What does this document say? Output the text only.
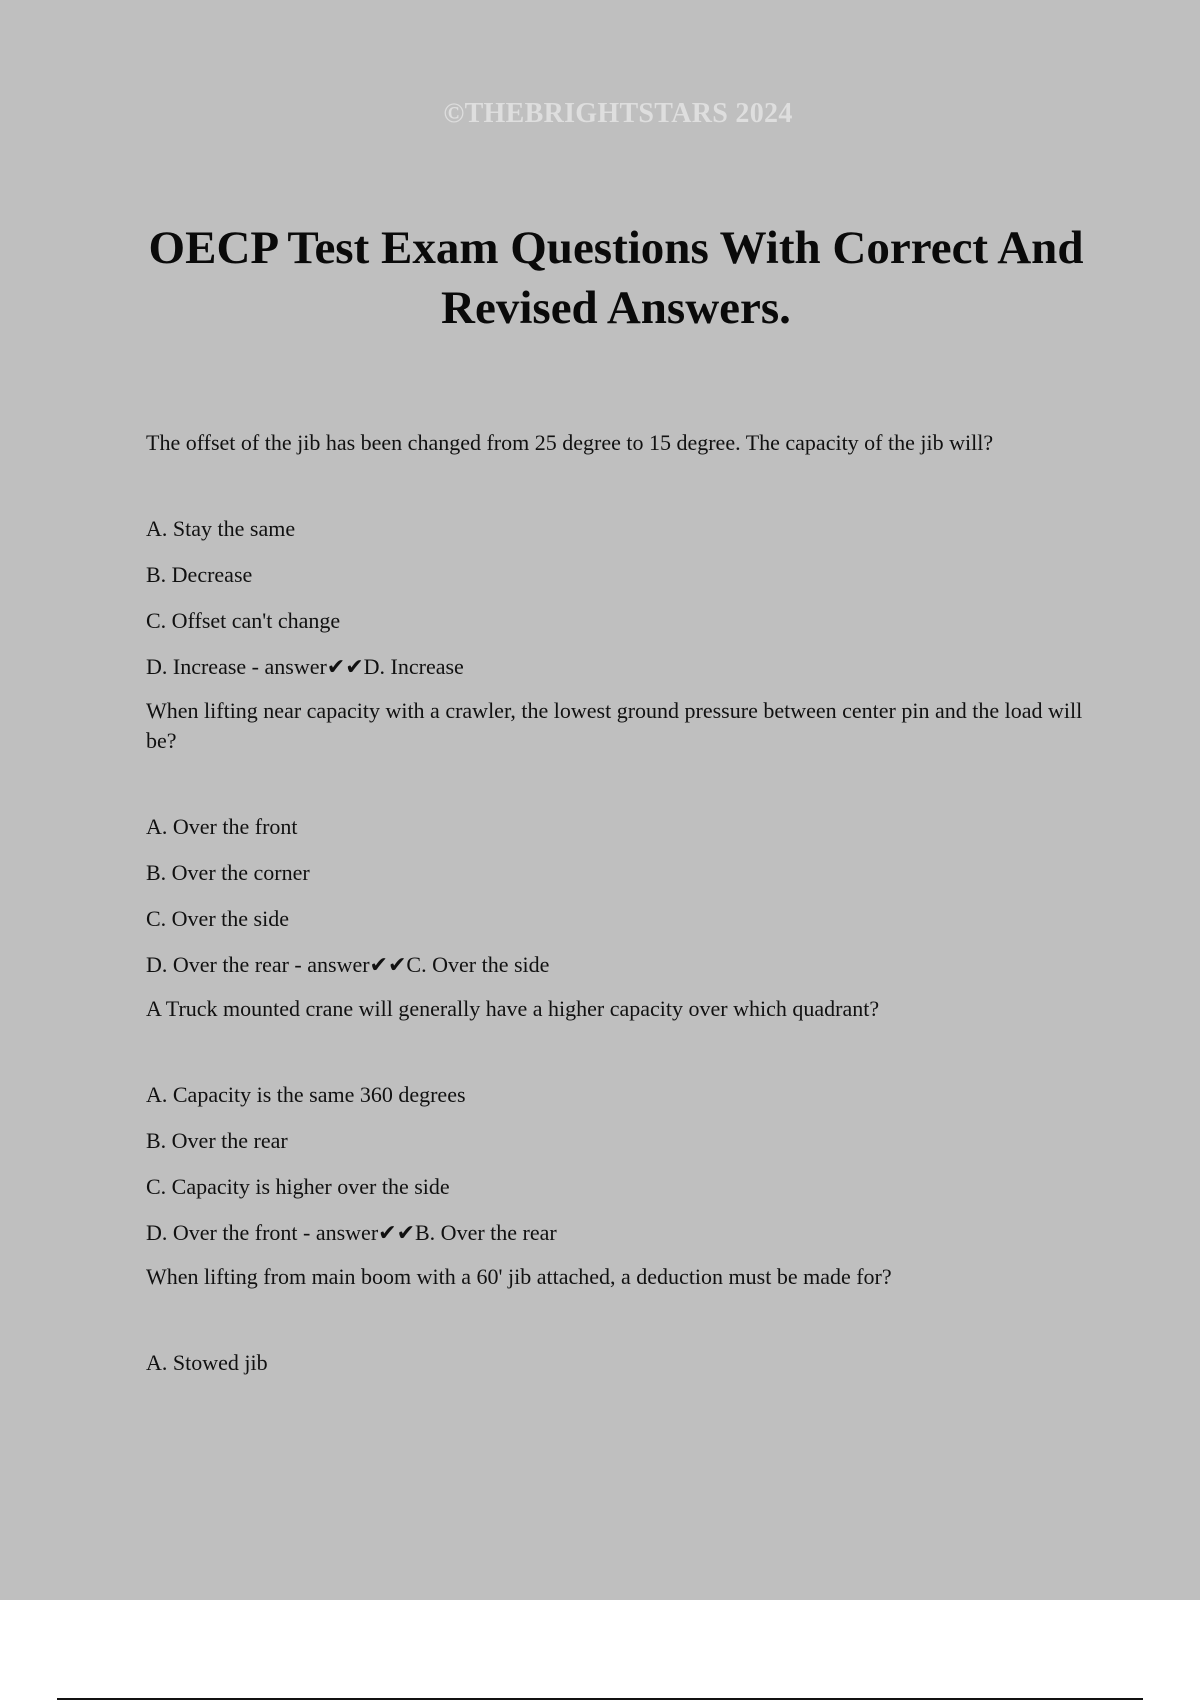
©THEBRIGHTSTARS 2024
OECP Test Exam Questions With Correct And Revised Answers.

The offset of the jib has been changed from 25 degree to 15 degree. The capacity of the jib will?

A. Stay the same

B. Decrease

C. Offset can't change

D. Increase - answer✔✔D. Increase

When lifting near capacity with a crawler, the lowest ground pressure between center pin and the load will be?

A. Over the front

B. Over the corner

C. Over the side

D. Over the rear - answer✔✔C. Over the side

A Truck mounted crane will generally have a higher capacity over which quadrant?

A. Capacity is the same 360 degrees

B. Over the rear

C. Capacity is higher over the side

D. Over the front - answer✔✔B. Over the rear

When lifting from main boom with a 60' jib attached, a deduction must be made for?

A. Stowed jib
